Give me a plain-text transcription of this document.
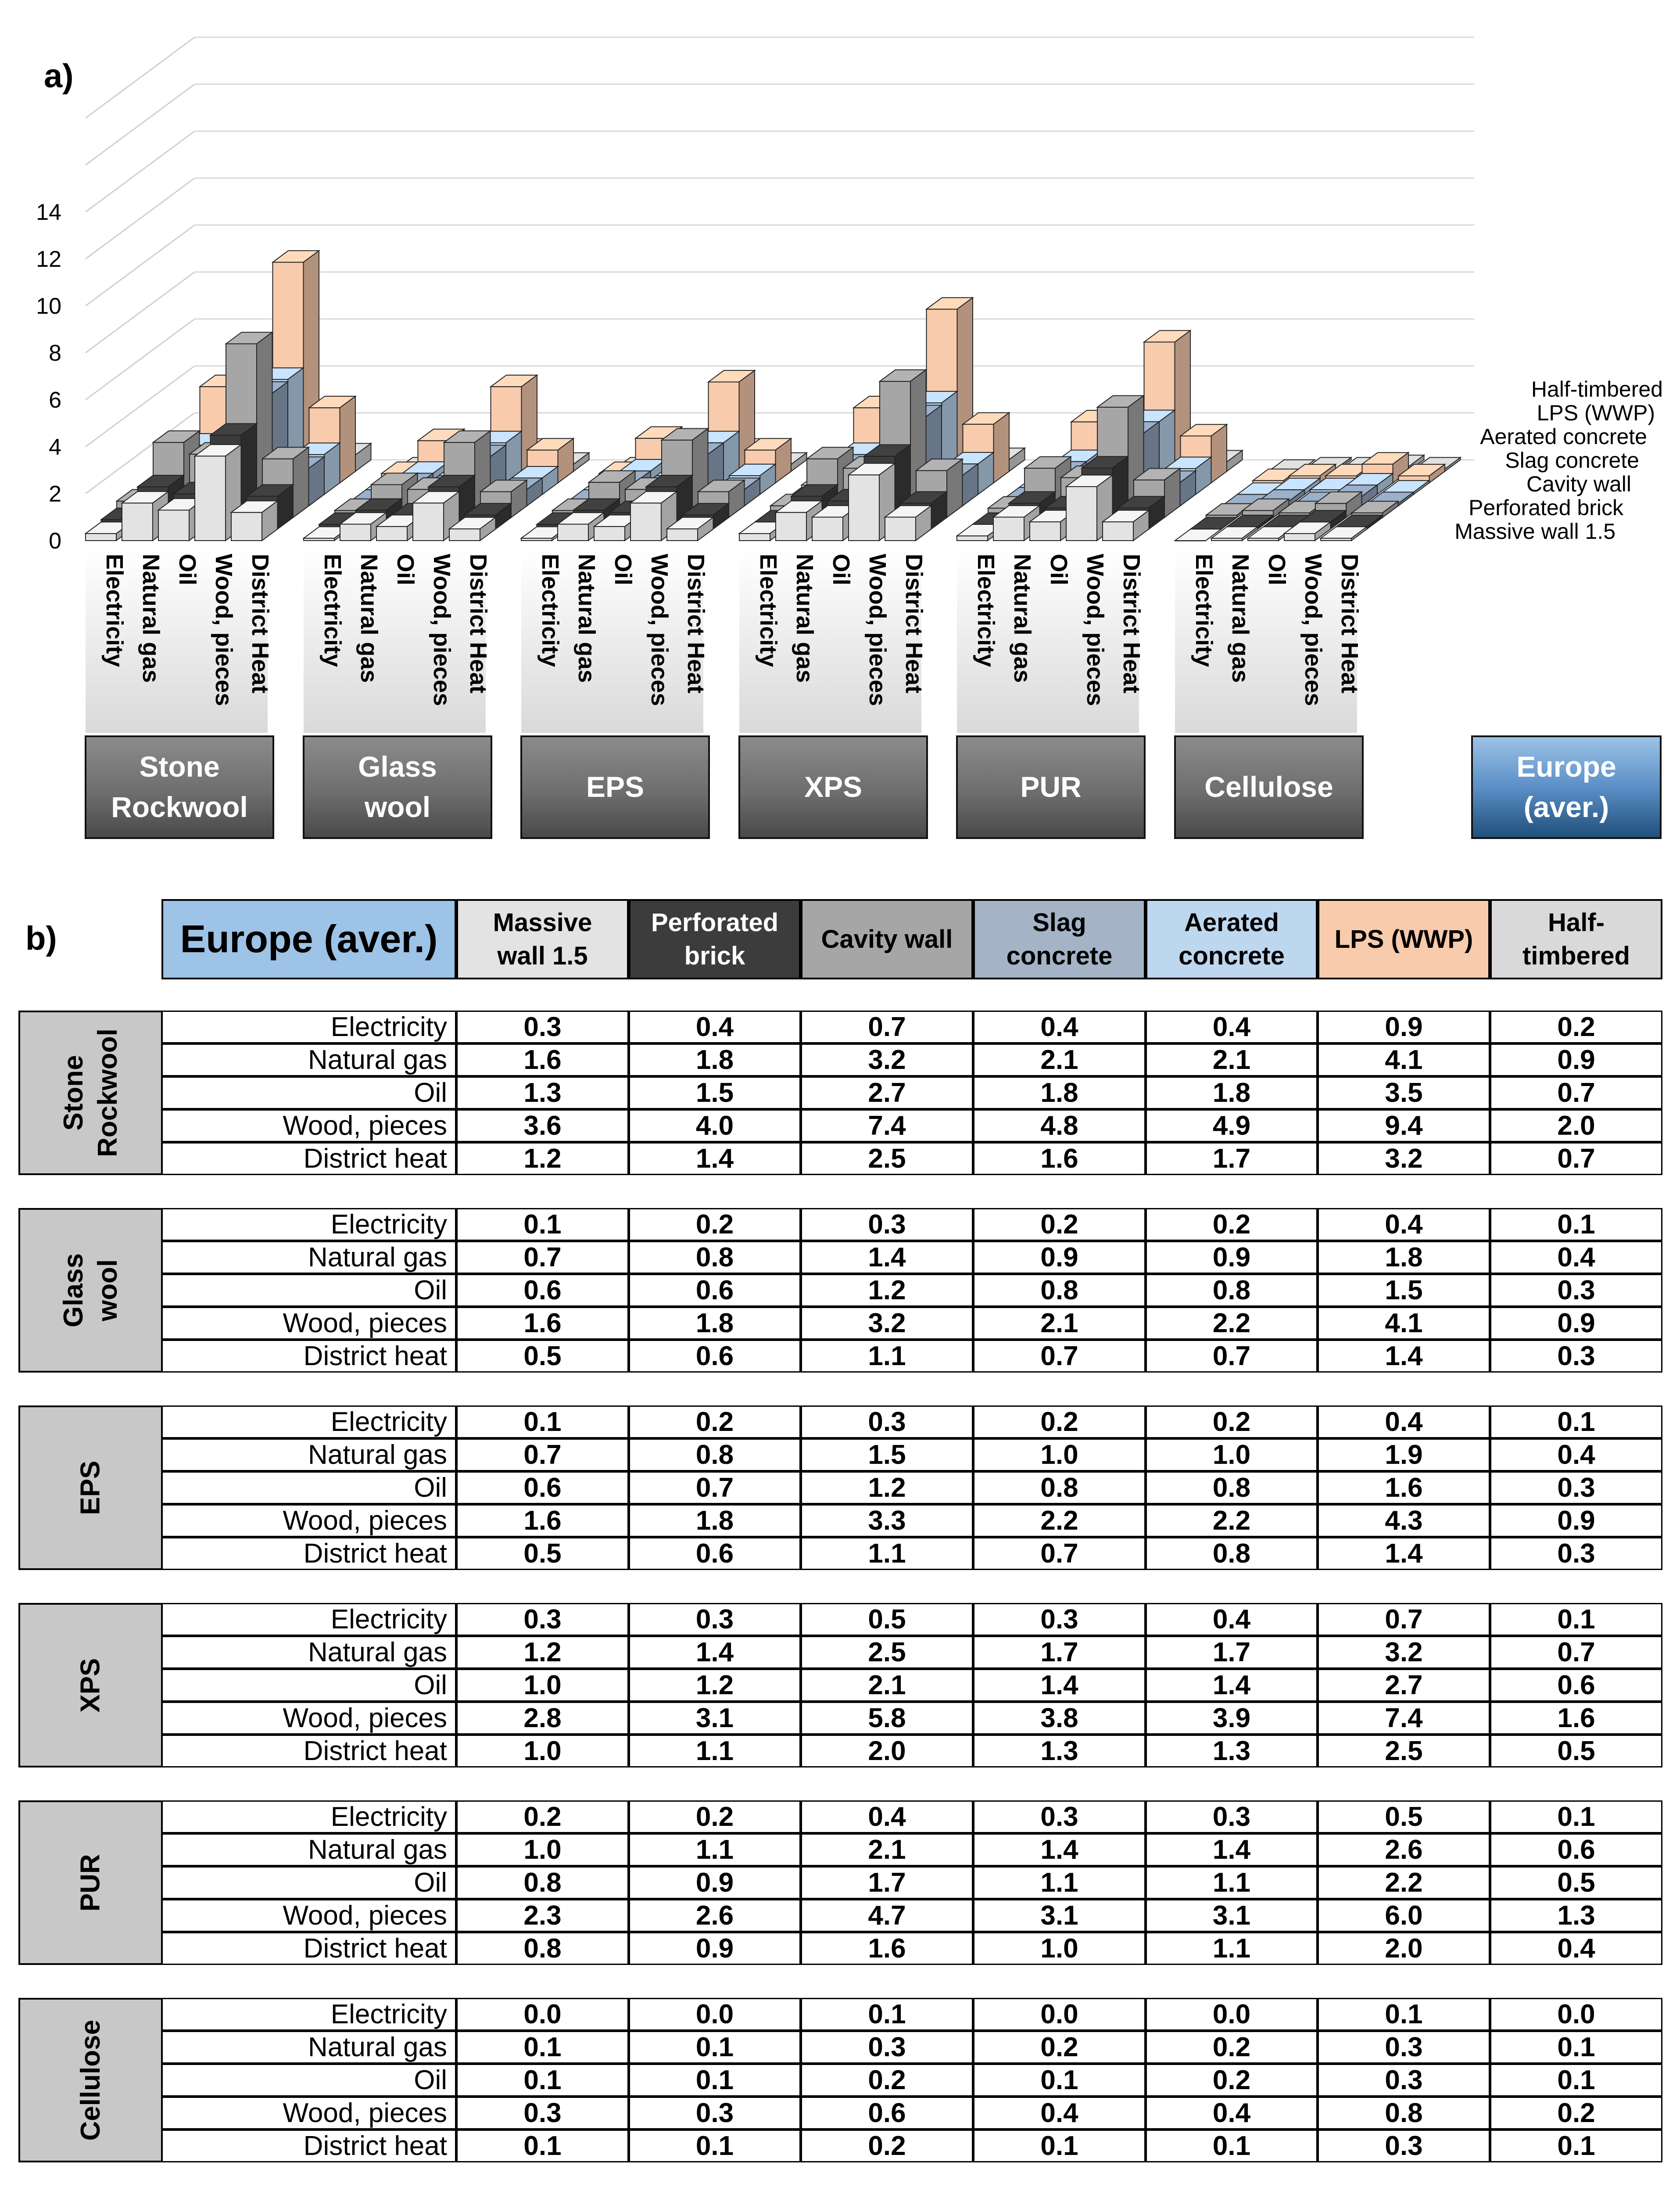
a)
b)
0
2
4
6
8
10
12
14
Massive wall 1.5
Perforated brick
Cavity wall
Slag concrete
Aerated concrete
LPS (WWP)
Half-timbered
Electricity Natural gas Oil Wood, pieces District Heat Electricity Natural gas Oil Wood, pieces District Heat Electricity Natural gas Oil Wood, pieces District Heat Electricity Natural gas Oil Wood, pieces District Heat Electricity Natural gas Oil Wood, pieces District Heat Electricity Natural gas Oil Wood, pieces District Heat
Stone
Rockwool
Glass
wool
EPS	XPS	PUR	Cellulose
Europe
(aver.)
Europe (aver.)	Massive
wall 1.5
Perforated
brick
Cavity wall
Slag
concrete
Aerated
concrete
LPS (WWP)
Half-
timbered
Stone
Rockwool
Electricity	0.3	0.4	0.7	0.4	0.4	0.9	0.2
Natural gas	1.6	1.8	3.2	2.1	2.1	4.1	0.9
Oil	1.3	1.5	2.7	1.8	1.8	3.5	0.7
Wood, pieces	3.6	4.0	7.4	4.8	4.9	9.4	2.0
District heat	1.2	1.4	2.5	1.6	1.7	3.2	0.7
Glass wool
Electricity	0.1	0.2	0.3	0.2	0.2	0.4	0.1
Natural gas	0.7	0.8	1.4	0.9	0.9	1.8	0.4
Oil	0.6	0.6	1.2	0.8	0.8	1.5	0.3
Wood, pieces	1.6	1.8	3.2	2.1	2.2	4.1	0.9
District heat	0.5	0.6	1.1	0.7	0.7	1.4	0.3
EPS
Electricity	0.1	0.2	0.3	0.2	0.2	0.4	0.1
Natural gas	0.7	0.8	1.5	1.0	1.0	1.9	0.4
Oil	0.6	0.7	1.2	0.8	0.8	1.6	0.3
Wood, pieces	1.6	1.8	3.3	2.2	2.2	4.3	0.9
District heat	0.5	0.6	1.1	0.7	0.8	1.4	0.3
XPS
Electricity	0.3	0.3	0.5	0.3	0.4	0.7	0.1
Natural gas	1.2	1.4	2.5	1.7	1.7	3.2	0.7
Oil	1.0	1.2	2.1	1.4	1.4	2.7	0.6
Wood, pieces	2.8	3.1	5.8	3.8	3.9	7.4	1.6
District heat	1.0	1.1	2.0	1.3	1.3	2.5	0.5
PUR
Electricity	0.2	0.2	0.4	0.3	0.3	0.5	0.1
Natural gas	1.0	1.1	2.1	1.4	1.4	2.6	0.6
Oil	0.8	0.9	1.7	1.1	1.1	2.2	0.5
Wood, pieces	2.3	2.6	4.7	3.1	3.1	6.0	1.3
District heat	0.8	0.9	1.6	1.0	1.1	2.0	0.4
Cellulose
Electricity	0.0	0.0	0.1	0.0	0.0	0.1	0.0
Natural gas	0.1	0.1	0.3	0.2	0.2	0.3	0.1
Oil	0.1	0.1	0.2	0.1	0.2	0.3	0.1
Wood, pieces	0.3	0.3	0.6	0.4	0.4	0.8	0.2
District heat	0.1	0.1	0.2	0.1	0.1	0.3	0.1
